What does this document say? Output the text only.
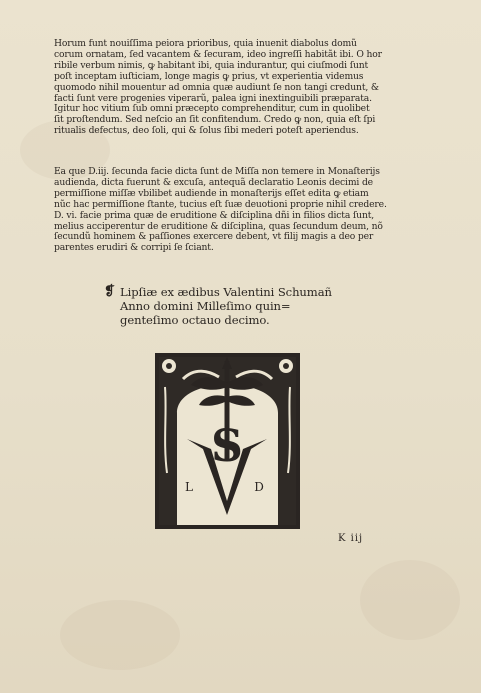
Horum funt nouiſſima peiora prioribus, quia inuenit diabolus domũ
corum ornatam, ſed vacantem & ſecuram, ideo ingreſſi habitãt ibi. O hor
ribile verbum nimis, ꝙ habitant ibi, quia indurantur, qui ciuſmodi ſunt
poſt inceptam iuſticiam, longe magis ꝙ prius, vt experientia videmus
quomodo nihil mouentur ad omnia quæ audiunt ſe non tangi credunt, &
facti ſunt vere progenies viperarũ, palea igni inextinguibili præparata.
Igitur hoc vitium ſub omni præcepto comprehenditur, cum in quolibet
ſit proſtendum. Sed neſcio an ſit confitendum. Credo ꝙ non, quia eſt ſpi
ritualis defectus, deo ſoli, qui & ſolus ſibi mederi poteſt aperiendus.
Ea que D.iij. ſecunda facie dicta ſunt de Miſſa non temere in Monaſterijs
audienda, dicta fuerunt & excuſa, antequã declaratio Leonis decimi de
permiſſione miſſæ vbilibet audiende in monaſterijs eſſet edita ꝙ etiam
nũc hac permiſſione ſtante, tucius eſt ſuæ deuotioni proprie nihil credere.
D. vi. facie prima quæ de eruditione & diſciplina dñi in filios dicta ſunt,
melius acciperentur de eruditione & diſciplina, quas ſecundum deum, nõ
ſecundũ hominem & paſſiones exercere debent, vt filij magis a deo per
parentes erudiri & corripi ſe ſciant.
❡ Lipſiæ ex ædibus Valentini Schumañ
Anno domini Milleſimo quin=
gentеſimo octauo decimo.
S
L	D
K iij
